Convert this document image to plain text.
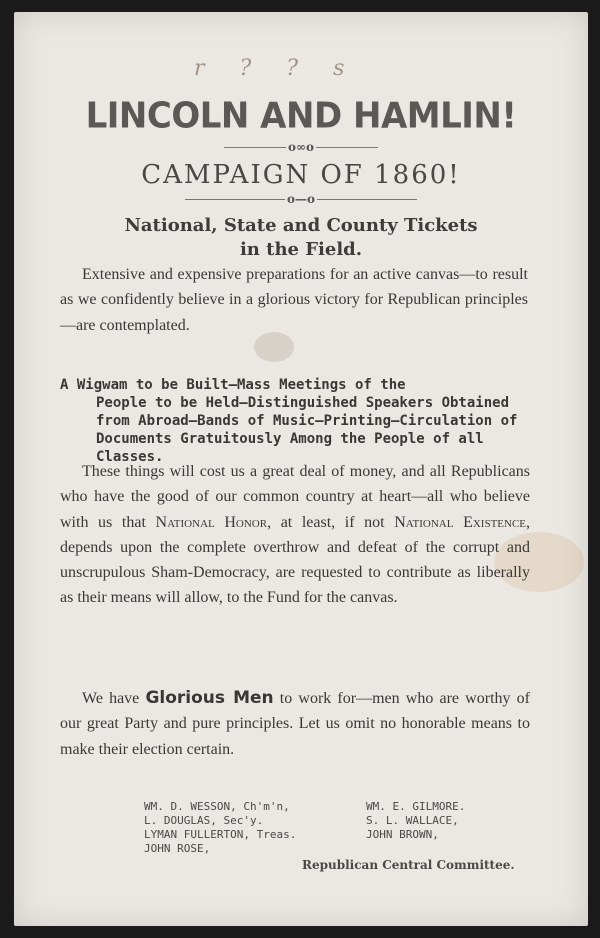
r ? ? s
LINCOLN AND HAMLIN!
o∞o
CAMPAIGN OF 1860!
o—o
National, State and County Tickets
in the Field.
Extensive and expensive preparations for an active canvas—to result as we confidently believe in a glorious victory for Republican principles—are contemplated.
A Wigwam to be Built—Mass Meetings of the
People to be Held—Distinguished Speakers Obtained from Abroad—Bands of Music—Printing—Circulation of Documents Gratuitously Among the People of all Classes.
These things will cost us a great deal of money, and all Republicans who have the good of our common country at heart—all who believe with us that National Honor, at least, if not National Existence, depends upon the complete overthrow and defeat of the corrupt and unscrupulous Sham-Democracy, are requested to contribute as liberally as their means will allow, to the Fund for the canvas.
We have Glorious Men to work for—men who are worthy of our great Party and pure principles. Let us omit no honorable means to make their election certain.
WM. D. WESSON, Ch'm'n,	WM. E. GILMORE.
L. DOUGLAS, Sec'y.	S. L. WALLACE,
LYMAN FULLERTON, Treas.	JOHN BROWN,
JOHN ROSE,
Republican Central Committee.
